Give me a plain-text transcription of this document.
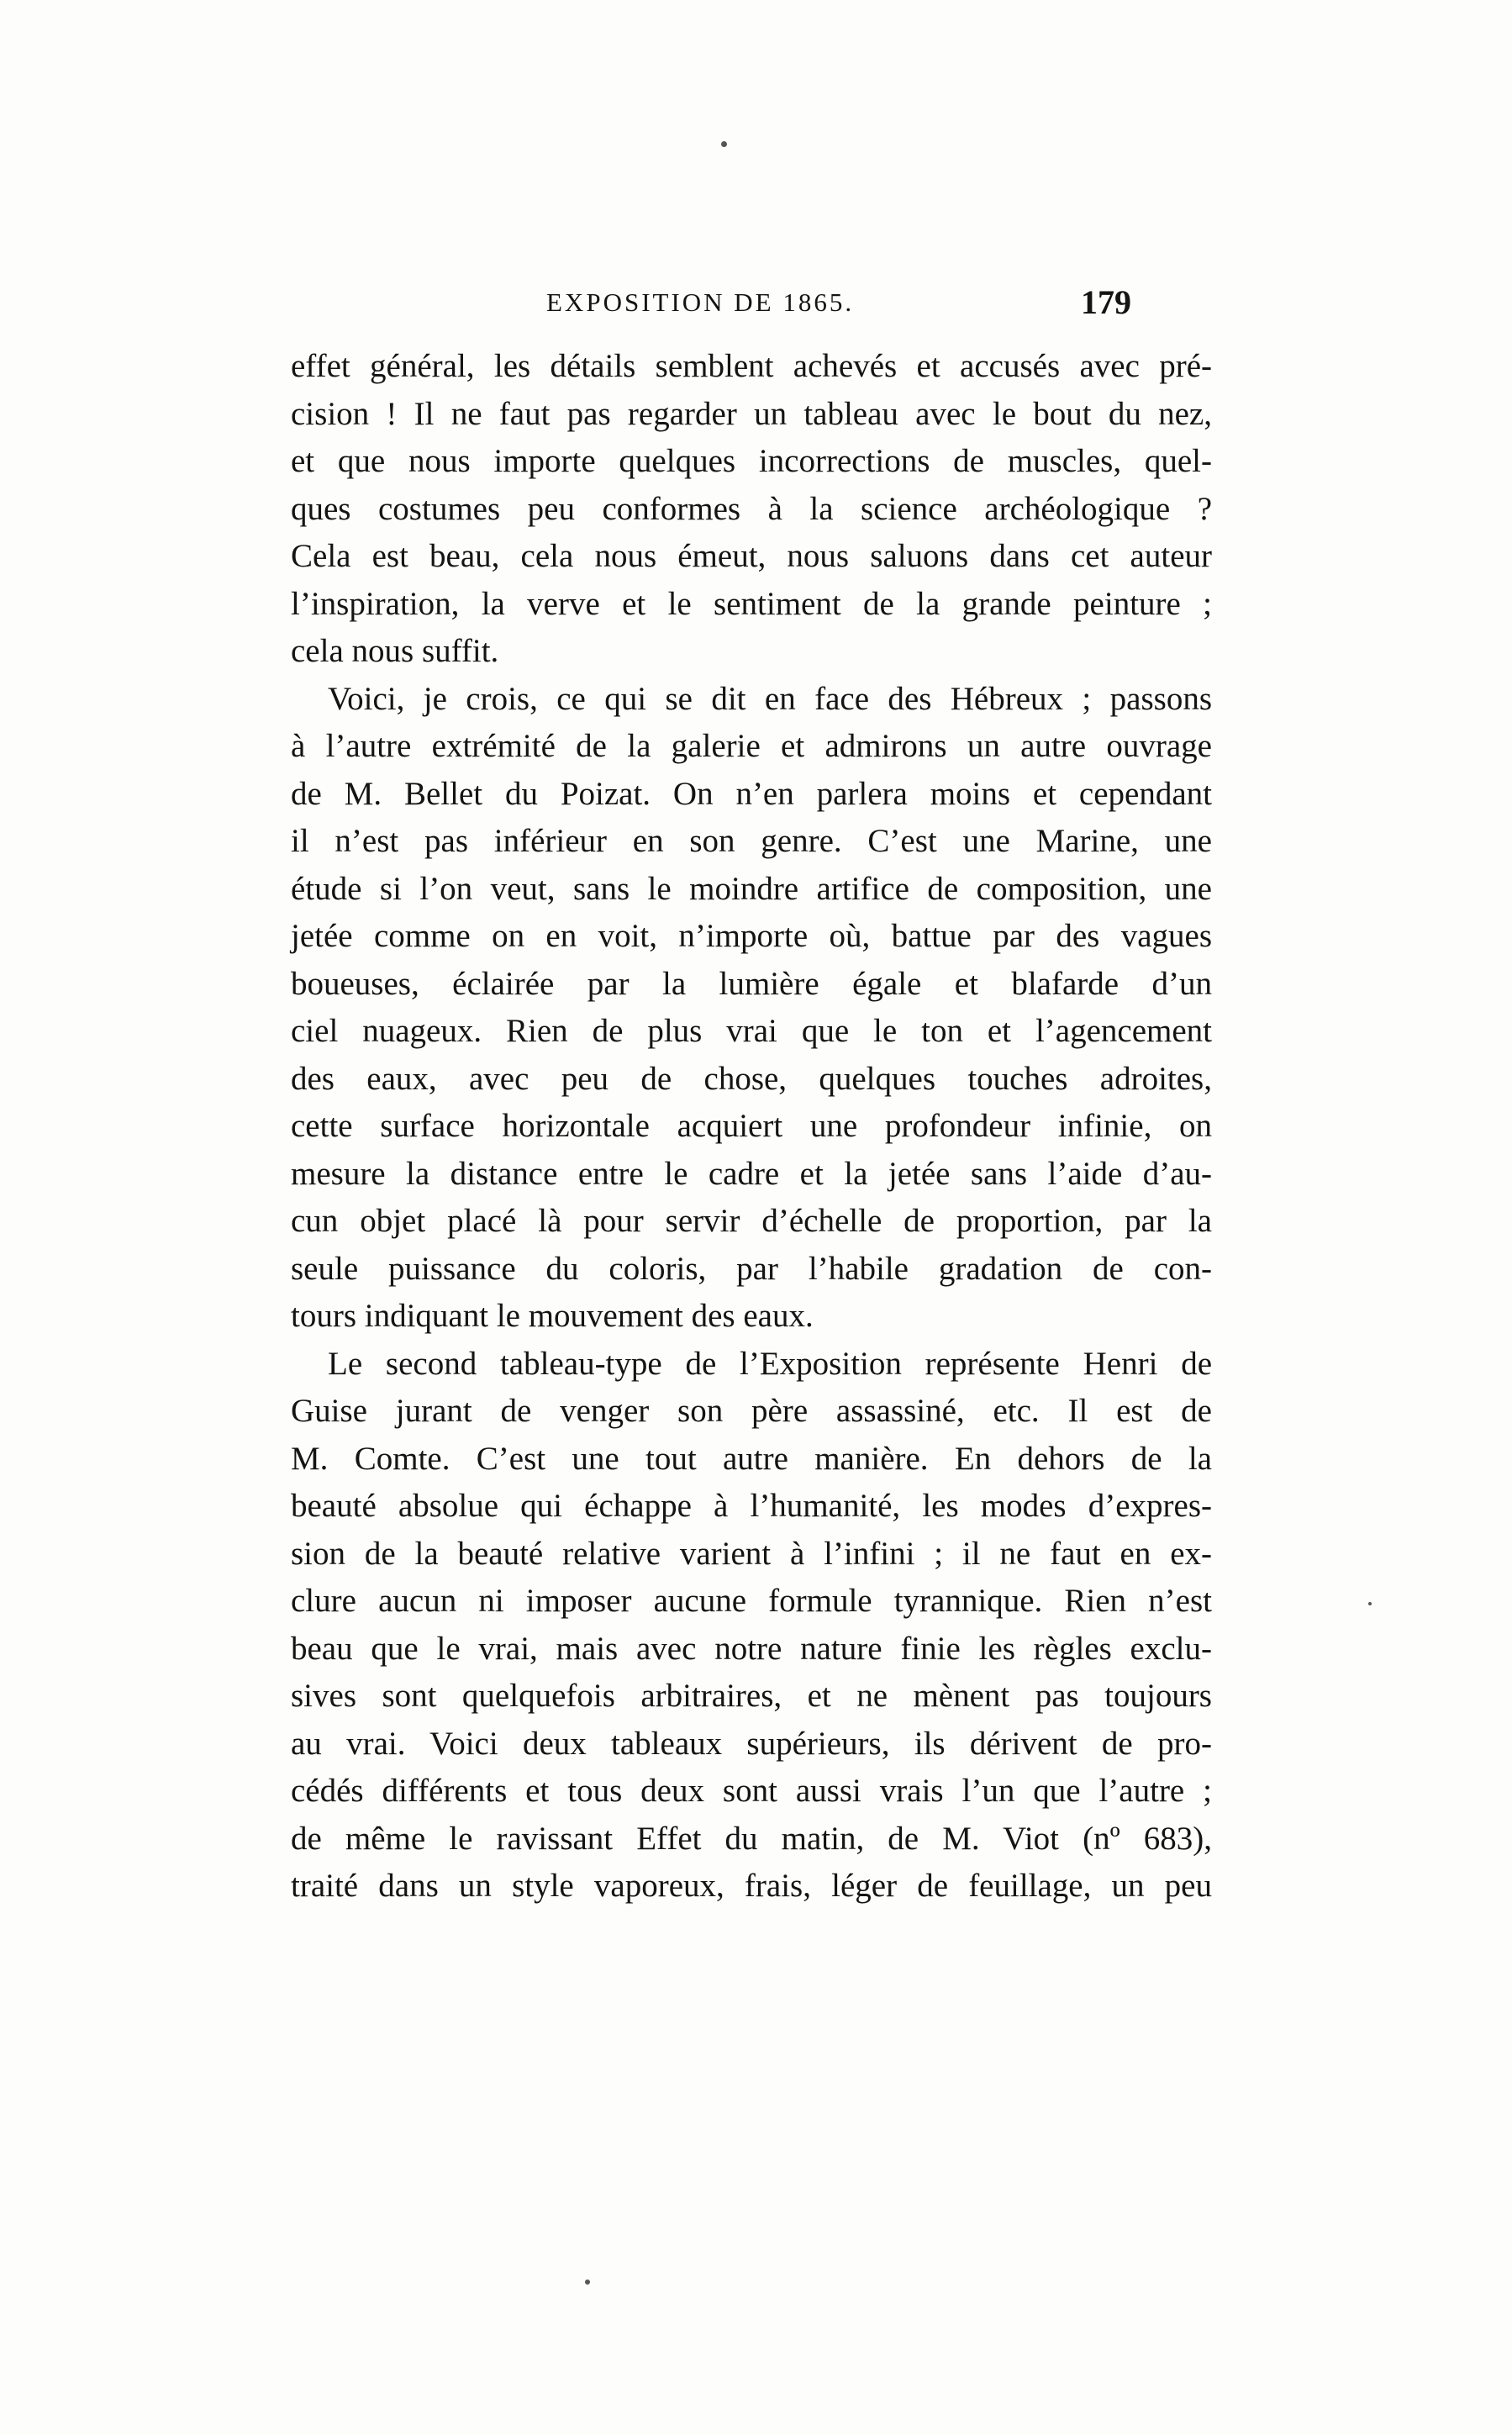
EXPOSITION DE 1865.	179
effet général, les détails semblent achevés et accusés avec pré-
cision ! Il ne faut pas regarder un tableau avec le bout du nez,
et que nous importe quelques incorrections de muscles, quel-
ques costumes peu conformes à la science archéologique ?
Cela est beau, cela nous émeut, nous saluons dans cet auteur
l’inspiration, la verve et le sentiment de la grande peinture ;
cela nous suffit.
Voici, je crois, ce qui se dit en face des Hébreux ; passons
à l’autre extrémité de la galerie et admirons un autre ouvrage
de M. Bellet du Poizat. On n’en parlera moins et cependant
il n’est pas inférieur en son genre. C’est une Marine, une
étude si l’on veut, sans le moindre artifice de composition, une
jetée comme on en voit, n’importe où, battue par des vagues
boueuses, éclairée par la lumière égale et blafarde d’un
ciel nuageux. Rien de plus vrai que le ton et l’agencement
des eaux, avec peu de chose, quelques touches adroites,
cette surface horizontale acquiert une profondeur infinie, on
mesure la distance entre le cadre et la jetée sans l’aide d’au-
cun objet placé là pour servir d’échelle de proportion, par la
seule puissance du coloris, par l’habile gradation de con-
tours indiquant le mouvement des eaux.
Le second tableau-type de l’Exposition représente Henri de
Guise jurant de venger son père assassiné, etc. Il est de
M. Comte. C’est une tout autre manière. En dehors de la
beauté absolue qui échappe à l’humanité, les modes d’expres-
sion de la beauté relative varient à l’infini ; il ne faut en ex-
clure aucun ni imposer aucune formule tyrannique. Rien n’est
beau que le vrai, mais avec notre nature finie les règles exclu-
sives sont quelquefois arbitraires, et ne mènent pas toujours
au vrai. Voici deux tableaux supérieurs, ils dérivent de pro-
cédés différents et tous deux sont aussi vrais l’un que l’autre ;
de même le ravissant Effet du matin, de M. Viot (nº 683),
traité dans un style vaporeux, frais, léger de feuillage, un peu
